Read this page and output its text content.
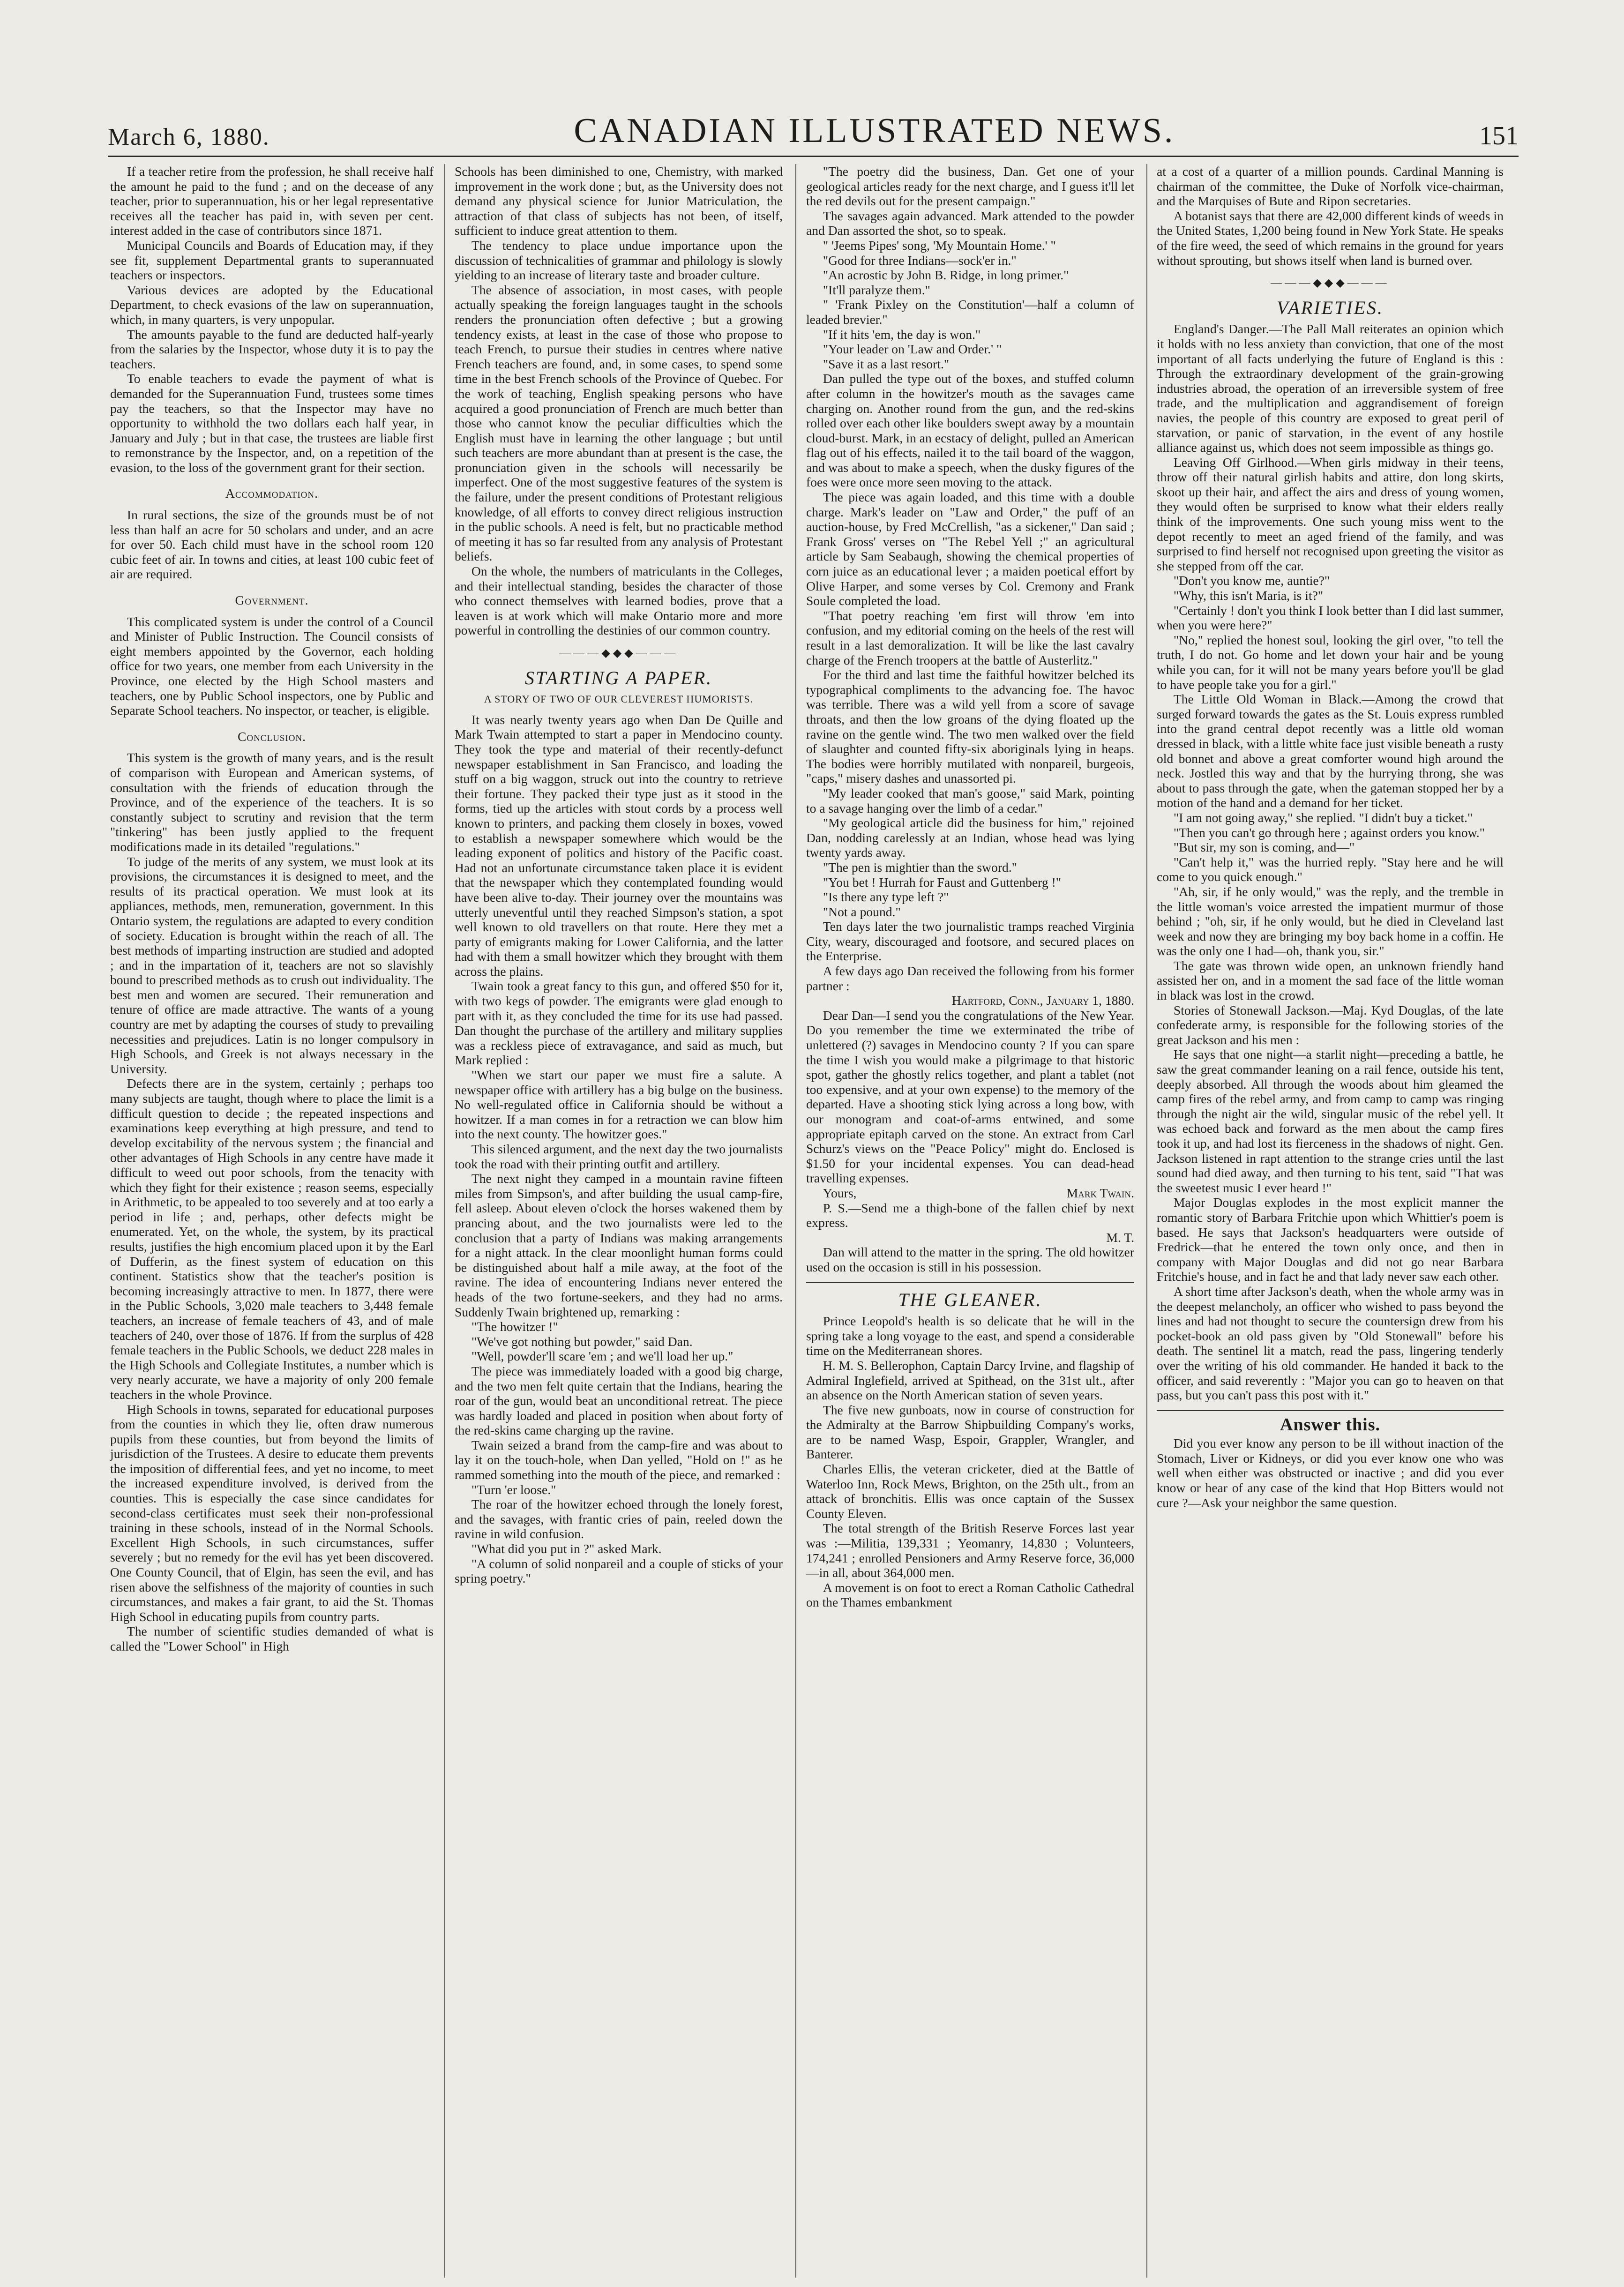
March 6, 1880.	CANADIAN ILLUSTRATED NEWS.	151

If a teacher retire from the profession, he shall receive half the amount he paid to the fund ; and on the decease of any teacher, prior to superannuation, his or her legal representative receives all the teacher has paid in, with seven per cent. interest added in the case of contributors since 1871.

Municipal Councils and Boards of Education may, if they see fit, supplement Departmental grants to superannuated teachers or inspectors.

Various devices are adopted by the Educational Department, to check evasions of the law on superannuation, which, in many quarters, is very unpopular.

The amounts payable to the fund are deducted half-yearly from the salaries by the Inspector, whose duty it is to pay the teachers.

To enable teachers to evade the payment of what is demanded for the Superannuation Fund, trustees some times pay the teachers, so that the Inspector may have no opportunity to withhold the two dollars each half year, in January and July ; but in that case, the trustees are liable first to remonstrance by the Inspector, and, on a repetition of the evasion, to the loss of the government grant for their section.

Accommodation.

In rural sections, the size of the grounds must be of not less than half an acre for 50 scholars and under, and an acre for over 50. Each child must have in the school room 120 cubic feet of air. In towns and cities, at least 100 cubic feet of air are required.

Government.

This complicated system is under the control of a Council and Minister of Public Instruction. The Council consists of eight members appointed by the Governor, each holding office for two years, one member from each University in the Province, one elected by the High School masters and teachers, one by Public School inspectors, one by Public and Separate School teachers. No inspector, or teacher, is eligible.

Conclusion.

This system is the growth of many years, and is the result of comparison with European and American systems, of consultation with the friends of education through the Province, and of the experience of the teachers. It is so constantly subject to scrutiny and revision that the term "tinkering" has been justly applied to the frequent modifications made in its detailed "regulations."

To judge of the merits of any system, we must look at its provisions, the circumstances it is designed to meet, and the results of its practical operation. We must look at its appliances, methods, men, remuneration, government. In this Ontario system, the regulations are adapted to every condition of society. Education is brought within the reach of all. The best methods of imparting instruction are studied and adopted ; and in the impartation of it, teachers are not so slavishly bound to prescribed methods as to crush out individuality. The best men and women are secured. Their remuneration and tenure of office are made attractive. The wants of a young country are met by adapting the courses of study to prevailing necessities and prejudices. Latin is no longer compulsory in High Schools, and Greek is not always necessary in the University.

Defects there are in the system, certainly ; perhaps too many subjects are taught, though where to place the limit is a difficult question to decide ; the repeated inspections and examinations keep everything at high pressure, and tend to develop excitability of the nervous system ; the financial and other advantages of High Schools in any centre have made it difficult to weed out poor schools, from the tenacity with which they fight for their existence ; reason seems, especially in Arithmetic, to be appealed to too severely and at too early a period in life ; and, perhaps, other defects might be enumerated. Yet, on the whole, the system, by its practical results, justifies the high encomium placed upon it by the Earl of Dufferin, as the finest system of education on this continent. Statistics show that the teacher's position is becoming increasingly attractive to men. In 1877, there were in the Public Schools, 3,020 male teachers to 3,448 female teachers, an increase of female teachers of 43, and of male teachers of 240, over those of 1876. If from the surplus of 428 female teachers in the Public Schools, we deduct 228 males in the High Schools and Collegiate Institutes, a number which is very nearly accurate, we have a majority of only 200 female teachers in the whole Province.

High Schools in towns, separated for educational purposes from the counties in which they lie, often draw numerous pupils from these counties, but from beyond the limits of jurisdiction of the Trustees. A desire to educate them prevents the imposition of differential fees, and yet no income, to meet the increased expenditure involved, is derived from the counties. This is especially the case since candidates for second-class certificates must seek their non-professional training in these schools, instead of in the Normal Schools. Excellent High Schools, in such circumstances, suffer severely ; but no remedy for the evil has yet been discovered. One County Council, that of Elgin, has seen the evil, and has risen above the selfishness of the majority of counties in such circumstances, and makes a fair grant, to aid the St. Thomas High School in educating pupils from country parts.

The number of scientific studies demanded of what is called the "Lower School" in High

Schools has been diminished to one, Chemistry, with marked improvement in the work done ; but, as the University does not demand any physical science for Junior Matriculation, the attraction of that class of subjects has not been, of itself, sufficient to induce great attention to them.

The tendency to place undue importance upon the discussion of technicalities of grammar and philology is slowly yielding to an increase of literary taste and broader culture.

The absence of association, in most cases, with people actually speaking the foreign languages taught in the schools renders the pronunciation often defective ; but a growing tendency exists, at least in the case of those who propose to teach French, to pursue their studies in centres where native French teachers are found, and, in some cases, to spend some time in the best French schools of the Province of Quebec. For the work of teaching, English speaking persons who have acquired a good pronunciation of French are much better than those who cannot know the peculiar difficulties which the English must have in learning the other language ; but until such teachers are more abundant than at present is the case, the pronunciation given in the schools will necessarily be imperfect. One of the most suggestive features of the system is the failure, under the present conditions of Protestant religious knowledge, of all efforts to convey direct religious instruction in the public schools. A need is felt, but no practicable method of meeting it has so far resulted from any analysis of Protestant beliefs.

On the whole, the numbers of matriculants in the Colleges, and their intellectual standing, besides the character of those who connect themselves with learned bodies, prove that a leaven is at work which will make Ontario more and more powerful in controlling the destinies of our common country.

———◆◆◆———
STARTING A PAPER.
A STORY OF TWO OF OUR CLEVEREST HUMORISTS.

It was nearly twenty years ago when Dan De Quille and Mark Twain attempted to start a paper in Mendocino county. They took the type and material of their recently-defunct newspaper establishment in San Francisco, and loading the stuff on a big waggon, struck out into the country to retrieve their fortune. They packed their type just as it stood in the forms, tied up the articles with stout cords by a process well known to printers, and packing them closely in boxes, vowed to establish a newspaper somewhere which would be the leading exponent of politics and history of the Pacific coast. Had not an unfortunate circumstance taken place it is evident that the newspaper which they contemplated founding would have been alive to-day. Their journey over the mountains was utterly uneventful until they reached Simpson's station, a spot well known to old travellers on that route. Here they met a party of emigrants making for Lower California, and the latter had with them a small howitzer which they brought with them across the plains.

Twain took a great fancy to this gun, and offered $50 for it, with two kegs of powder. The emigrants were glad enough to part with it, as they concluded the time for its use had passed. Dan thought the purchase of the artillery and military supplies was a reckless piece of extravagance, and said as much, but Mark replied :

"When we start our paper we must fire a salute. A newspaper office with artillery has a big bulge on the business. No well-regulated office in California should be without a howitzer. If a man comes in for a retraction we can blow him into the next county. The howitzer goes."

This silenced argument, and the next day the two journalists took the road with their printing outfit and artillery.

The next night they camped in a mountain ravine fifteen miles from Simpson's, and after building the usual camp-fire, fell asleep. About eleven o'clock the horses wakened them by prancing about, and the two journalists were led to the conclusion that a party of Indians was making arrangements for a night attack. In the clear moonlight human forms could be distinguished about half a mile away, at the foot of the ravine. The idea of encountering Indians never entered the heads of the two fortune-seekers, and they had no arms. Suddenly Twain brightened up, remarking :

"The howitzer !"

"We've got nothing but powder," said Dan.

"Well, powder'll scare 'em ; and we'll load her up."

The piece was immediately loaded with a good big charge, and the two men felt quite certain that the Indians, hearing the roar of the gun, would beat an unconditional retreat. The piece was hardly loaded and placed in position when about forty of the red-skins came charging up the ravine.

Twain seized a brand from the camp-fire and was about to lay it on the touch-hole, when Dan yelled, "Hold on !" as he rammed something into the mouth of the piece, and remarked :

"Turn 'er loose."

The roar of the howitzer echoed through the lonely forest, and the savages, with frantic cries of pain, reeled down the ravine in wild confusion.

"What did you put in ?" asked Mark.

"A column of solid nonpareil and a couple of sticks of your spring poetry."

"The poetry did the business, Dan. Get one of your geological articles ready for the next charge, and I guess it'll let the red devils out for the present campaign."

The savages again advanced. Mark attended to the powder and Dan assorted the shot, so to speak.

" 'Jeems Pipes' song, 'My Mountain Home.' "

"Good for three Indians—sock'er in."

"An acrostic by John B. Ridge, in long primer."

"It'll paralyze them."

" 'Frank Pixley on the Constitution'—half a column of leaded brevier."

"If it hits 'em, the day is won."

"Your leader on 'Law and Order.' "

"Save it as a last resort."

Dan pulled the type out of the boxes, and stuffed column after column in the howitzer's mouth as the savages came charging on. Another round from the gun, and the red-skins rolled over each other like boulders swept away by a mountain cloud-burst. Mark, in an ecstacy of delight, pulled an American flag out of his effects, nailed it to the tail board of the waggon, and was about to make a speech, when the dusky figures of the foes were once more seen moving to the attack.

The piece was again loaded, and this time with a double charge. Mark's leader on "Law and Order," the puff of an auction-house, by Fred McCrellish, "as a sickener," Dan said ; Frank Gross' verses on "The Rebel Yell ;" an agricultural article by Sam Seabaugh, showing the chemical properties of corn juice as an educational lever ; a maiden poetical effort by Olive Harper, and some verses by Col. Cremony and Frank Soule completed the load.

"That poetry reaching 'em first will throw 'em into confusion, and my editorial coming on the heels of the rest will result in a last demoralization. It will be like the last cavalry charge of the French troopers at the battle of Austerlitz."

For the third and last time the faithful howitzer belched its typographical compliments to the advancing foe. The havoc was terrible. There was a wild yell from a score of savage throats, and then the low groans of the dying floated up the ravine on the gentle wind. The two men walked over the field of slaughter and counted fifty-six aboriginals lying in heaps. The bodies were horribly mutilated with nonpareil, burgeois, "caps," misery dashes and unassorted pi.

"My leader cooked that man's goose," said Mark, pointing to a savage hanging over the limb of a cedar."

"My geological article did the business for him," rejoined Dan, nodding carelessly at an Indian, whose head was lying twenty yards away.

"The pen is mightier than the sword."

"You bet ! Hurrah for Faust and Guttenberg !"

"Is there any type left ?"

"Not a pound."

Ten days later the two journalistic tramps reached Virginia City, weary, discouraged and footsore, and secured places on the Enterprise.

A few days ago Dan received the following from his former partner :

Hartford, Conn., January 1, 1880.

Dear Dan—I send you the congratulations of the New Year. Do you remember the time we exterminated the tribe of unlettered (?) savages in Mendocino county ? If you can spare the time I wish you would make a pilgrimage to that historic spot, gather the ghostly relics together, and plant a tablet (not too expensive, and at your own expense) to the memory of the departed. Have a shooting stick lying across a long bow, with our monogram and coat-of-arms entwined, and some appropriate epitaph carved on the stone. An extract from Carl Schurz's views on the "Peace Policy" might do. Enclosed is $1.50 for your incidental expenses. You can dead-head travelling expenses.

Yours,	Mark Twain.

P. S.—Send me a thigh-bone of the fallen chief by next express.

M. T.

Dan will attend to the matter in the spring. The old howitzer used on the occasion is still in his possession.

THE GLEANER.

Prince Leopold's health is so delicate that he will in the spring take a long voyage to the east, and spend a considerable time on the Mediterranean shores.

H. M. S. Bellerophon, Captain Darcy Irvine, and flagship of Admiral Inglefield, arrived at Spithead, on the 31st ult., after an absence on the North American station of seven years.

The five new gunboats, now in course of construction for the Admiralty at the Barrow Shipbuilding Company's works, are to be named Wasp, Espoir, Grappler, Wrangler, and Banterer.

Charles Ellis, the veteran cricketer, died at the Battle of Waterloo Inn, Rock Mews, Brighton, on the 25th ult., from an attack of bronchitis. Ellis was once captain of the Sussex County Eleven.

The total strength of the British Reserve Forces last year was :—Militia, 139,331 ; Yeomanry, 14,830 ; Volunteers, 174,241 ; enrolled Pensioners and Army Reserve force, 36,000—in all, about 364,000 men.

A movement is on foot to erect a Roman Catholic Cathedral on the Thames embankment

at a cost of a quarter of a million pounds. Cardinal Manning is chairman of the committee, the Duke of Norfolk vice-chairman, and the Marquises of Bute and Ripon secretaries.

A botanist says that there are 42,000 different kinds of weeds in the United States, 1,200 being found in New York State. He speaks of the fire weed, the seed of which remains in the ground for years without sprouting, but shows itself when land is burned over.

———◆◆◆———
VARIETIES.

England's Danger.—The Pall Mall reiterates an opinion which it holds with no less anxiety than conviction, that one of the most important of all facts underlying the future of England is this : Through the extraordinary development of the grain-growing industries abroad, the operation of an irreversible system of free trade, and the multiplication and aggrandisement of foreign navies, the people of this country are exposed to great peril of starvation, or panic of starvation, in the event of any hostile alliance against us, which does not seem impossible as things go.

Leaving Off Girlhood.—When girls midway in their teens, throw off their natural girlish habits and attire, don long skirts, skoot up their hair, and affect the airs and dress of young women, they would often be surprised to know what their elders really think of the improvements. One such young miss went to the depot recently to meet an aged friend of the family, and was surprised to find herself not recognised upon greeting the visitor as she stepped from off the car.

"Don't you know me, auntie?"

"Why, this isn't Maria, is it?"

"Certainly ! don't you think I look better than I did last summer, when you were here?"

"No," replied the honest soul, looking the girl over, "to tell the truth, I do not. Go home and let down your hair and be young while you can, for it will not be many years before you'll be glad to have people take you for a girl."

The Little Old Woman in Black.—Among the crowd that surged forward towards the gates as the St. Louis express rumbled into the grand central depot recently was a little old woman dressed in black, with a little white face just visible beneath a rusty old bonnet and above a great comforter wound high around the neck. Jostled this way and that by the hurrying throng, she was about to pass through the gate, when the gateman stopped her by a motion of the hand and a demand for her ticket.

"I am not going away," she replied. "I didn't buy a ticket."

"Then you can't go through here ; against orders you know."

"But sir, my son is coming, and—"

"Can't help it," was the hurried reply. "Stay here and he will come to you quick enough."

"Ah, sir, if he only would," was the reply, and the tremble in the little woman's voice arrested the impatient murmur of those behind ; "oh, sir, if he only would, but he died in Cleveland last week and now they are bringing my boy back home in a coffin. He was the only one I had—oh, thank you, sir."

The gate was thrown wide open, an unknown friendly hand assisted her on, and in a moment the sad face of the little woman in black was lost in the crowd.

Stories of Stonewall Jackson.—Maj. Kyd Douglas, of the late confederate army, is responsible for the following stories of the great Jackson and his men :

He says that one night—a starlit night—preceding a battle, he saw the great commander leaning on a rail fence, outside his tent, deeply absorbed. All through the woods about him gleamed the camp fires of the rebel army, and from camp to camp was ringing through the night air the wild, singular music of the rebel yell. It was echoed back and forward as the men about the camp fires took it up, and had lost its fierceness in the shadows of night. Gen. Jackson listened in rapt attention to the strange cries until the last sound had died away, and then turning to his tent, said "That was the sweetest music I ever heard !"

Major Douglas explodes in the most explicit manner the romantic story of Barbara Fritchie upon which Whittier's poem is based. He says that Jackson's headquarters were outside of Fredrick—that he entered the town only once, and then in company with Major Douglas and did not go near Barbara Fritchie's house, and in fact he and that lady never saw each other.

A short time after Jackson's death, when the whole army was in the deepest melancholy, an officer who wished to pass beyond the lines and had not thought to secure the countersign drew from his pocket-book an old pass given by "Old Stonewall" before his death. The sentinel lit a match, read the pass, lingering tenderly over the writing of his old commander. He handed it back to the officer, and said reverently : "Major you can go to heaven on that pass, but you can't pass this post with it."

Answer this.

Did you ever know any person to be ill without inaction of the Stomach, Liver or Kidneys, or did you ever know one who was well when either was obstructed or inactive ; and did you ever know or hear of any case of the kind that Hop Bitters would not cure ?—Ask your neighbor the same question.
